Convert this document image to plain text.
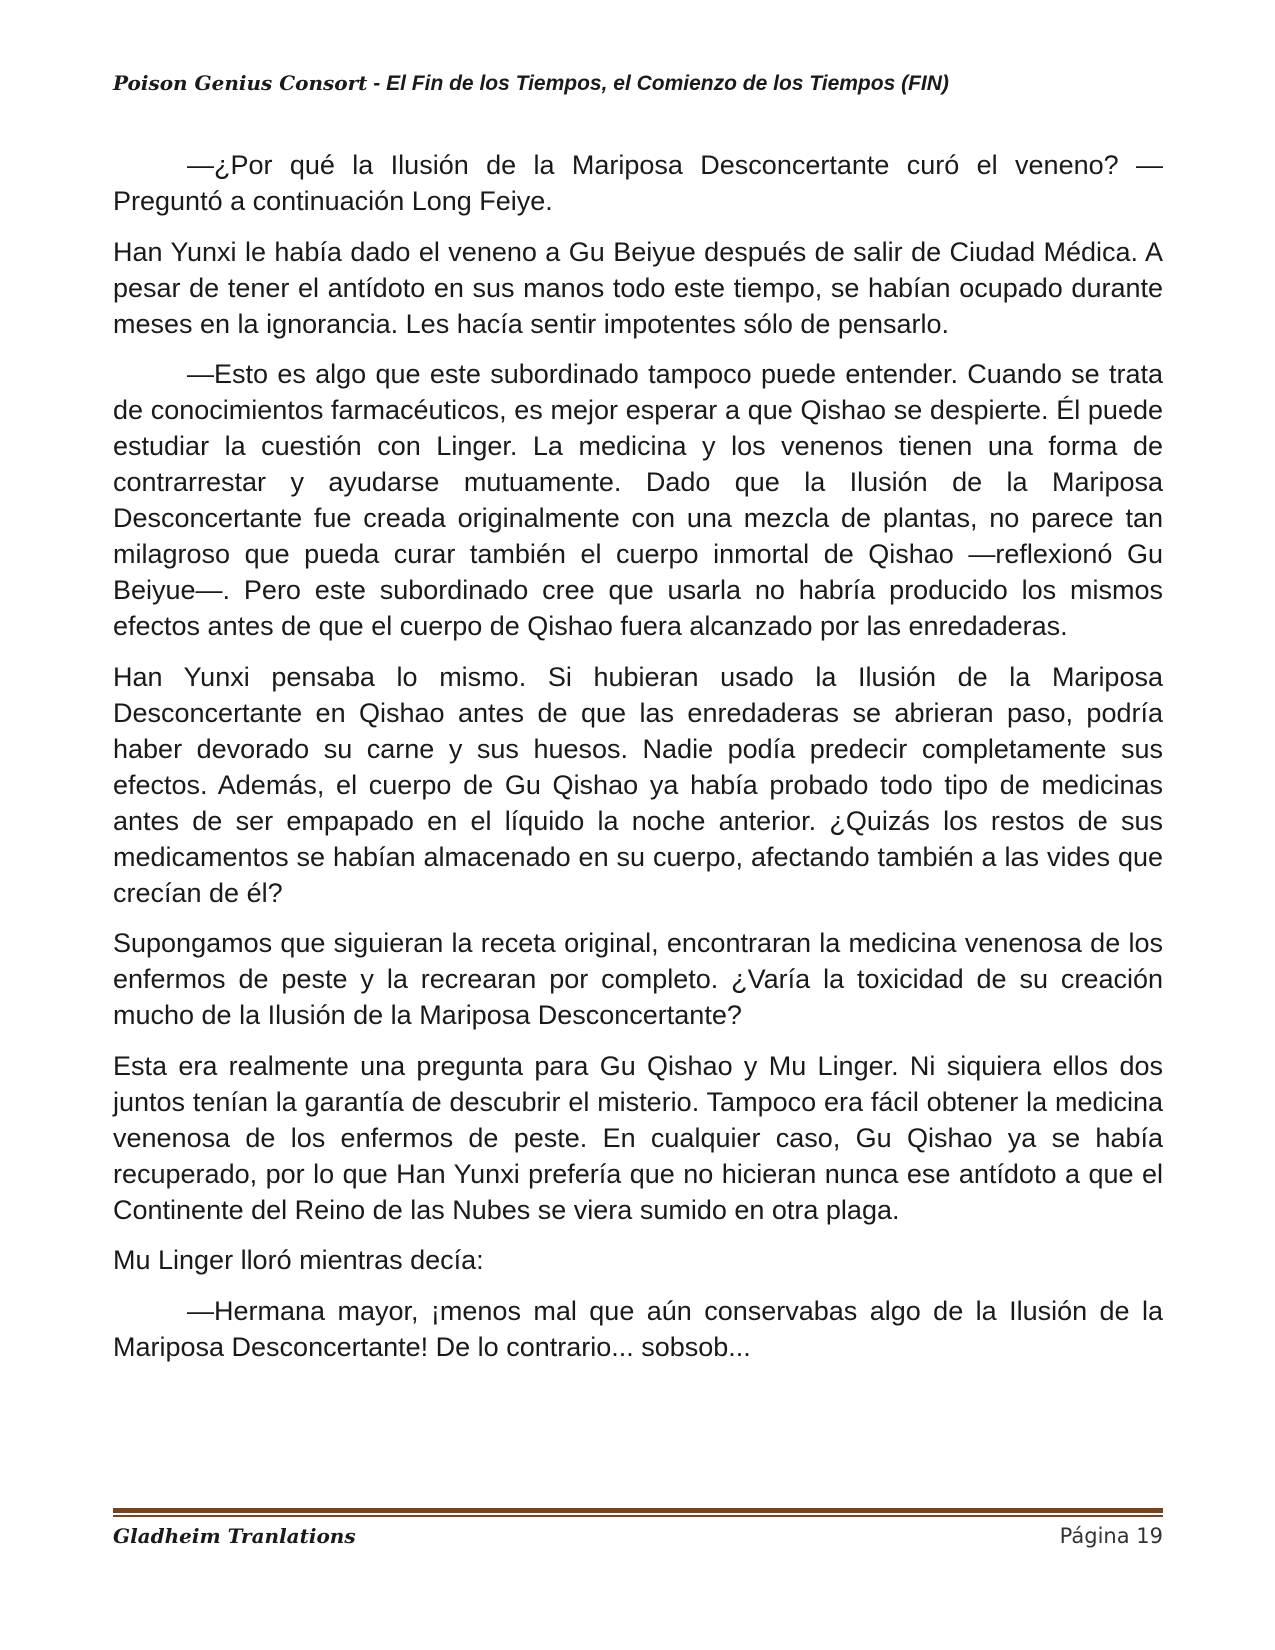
Poison Genius Consort - El Fin de los Tiempos, el Comienzo de los Tiempos (FIN)

—¿Por qué la Ilusión de la Mariposa Desconcertante curó el veneno? —Preguntó a continuación Long Feiye.

Han Yunxi le había dado el veneno a Gu Beiyue después de salir de Ciudad Médica. A pesar de tener el antídoto en sus manos todo este tiempo, se habían ocupado durante meses en la ignorancia. Les hacía sentir impotentes sólo de pensarlo.

—Esto es algo que este subordinado tampoco puede entender. Cuando se trata de conocimientos farmacéuticos, es mejor esperar a que Qishao se despierte. Él puede estudiar la cuestión con Linger. La medicina y los venenos tienen una forma de contrarrestar y ayudarse mutuamente. Dado que la Ilusión de la Mariposa Desconcertante fue creada originalmente con una mezcla de plantas, no parece tan milagroso que pueda curar también el cuerpo inmortal de Qishao —reflexionó Gu Beiyue—. Pero este subordinado cree que usarla no habría producido los mismos efectos antes de que el cuerpo de Qishao fuera alcanzado por las enredaderas.

Han Yunxi pensaba lo mismo. Si hubieran usado la Ilusión de la Mariposa Desconcertante en Qishao antes de que las enredaderas se abrieran paso, podría haber devorado su carne y sus huesos. Nadie podía predecir completamente sus efectos. Además, el cuerpo de Gu Qishao ya había probado todo tipo de medicinas antes de ser empapado en el líquido la noche anterior. ¿Quizás los restos de sus medicamentos se habían almacenado en su cuerpo, afectando también a las vides que crecían de él?

Supongamos que siguieran la receta original, encontraran la medicina venenosa de los enfermos de peste y la recrearan por completo. ¿Varía la toxicidad de su creación mucho de la Ilusión de la Mariposa Desconcertante?

Esta era realmente una pregunta para Gu Qishao y Mu Linger. Ni siquiera ellos dos juntos tenían la garantía de descubrir el misterio. Tampoco era fácil obtener la medicina venenosa de los enfermos de peste. En cualquier caso, Gu Qishao ya se había recuperado, por lo que Han Yunxi prefería que no hicieran nunca ese antídoto a que el Continente del Reino de las Nubes se viera sumido en otra plaga.

Mu Linger lloró mientras decía:

—Hermana mayor, ¡menos mal que aún conservabas algo de la Ilusión de la Mariposa Desconcertante! De lo contrario... sobsob...

Gladheim Tranlations	Página 19
